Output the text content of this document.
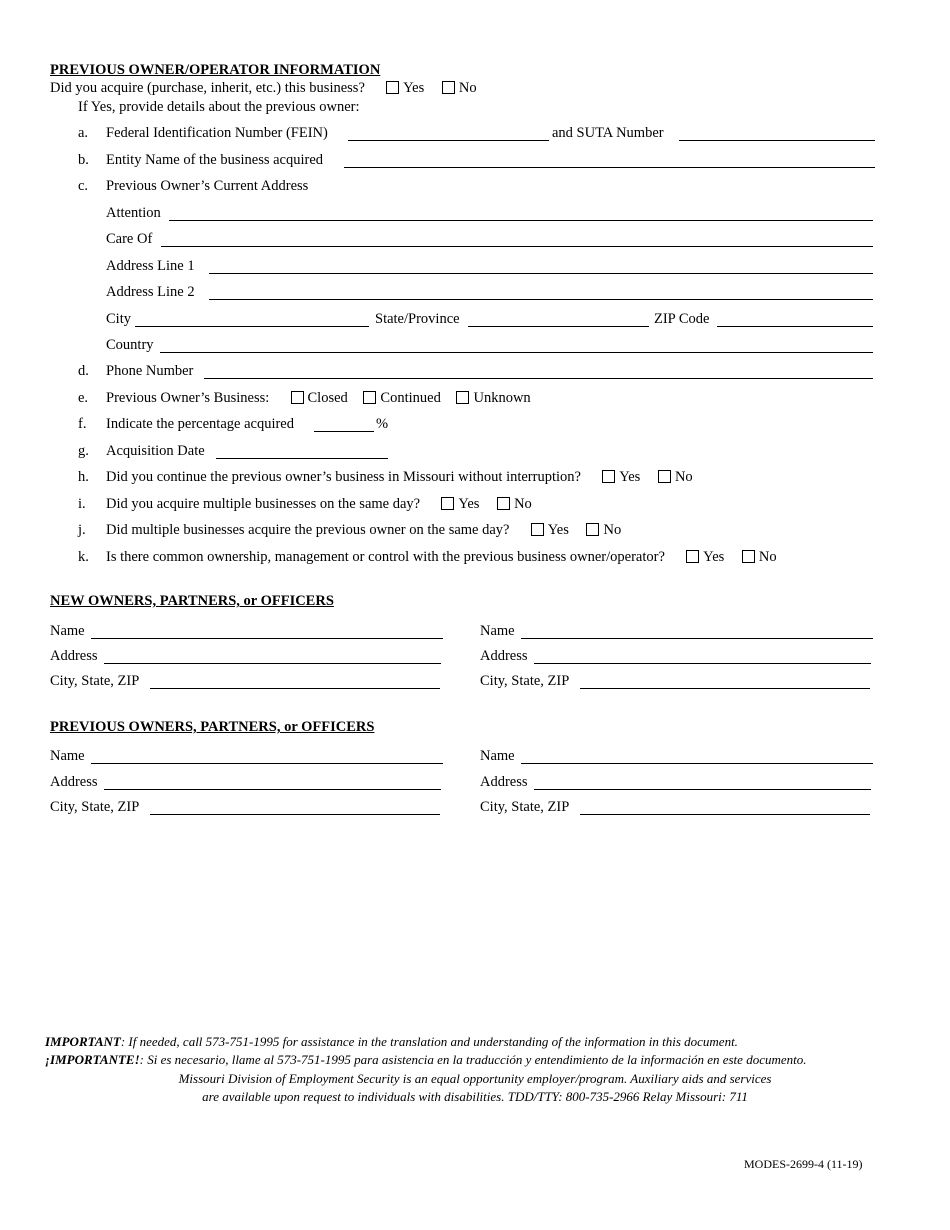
PREVIOUS OWNER/OPERATOR INFORMATION
Did you acquire (purchase, inherit, etc.) this business?	Yes No
If Yes, provide details about the previous owner:
a. Federal Identification Number (FEIN)	and SUTA Number
b. Entity Name of the business acquired
c. Previous Owner’s Current Address
Attention
Care Of
Address Line 1
Address Line 2
City	State/Province	ZIP Code
Country
d. Phone Number
e. Previous Owner’s Business:	Closed Continued Unknown
f. Indicate the percentage acquired	%
g. Acquisition Date
h. Did you continue the previous owner’s business in Missouri without interruption?	Yes No
i. Did you acquire multiple businesses on the same day?	Yes No
j. Did multiple businesses acquire the previous owner on the same day?	Yes No
k. Is there common ownership, management or control with the previous business owner/operator?	Yes No
NEW OWNERS, PARTNERS, or OFFICERS
Name	Name
Address	Address
City, State, ZIP	City, State, ZIP
PREVIOUS OWNERS, PARTNERS, or OFFICERS
Name	Name
Address	Address
City, State, ZIP	City, State, ZIP
IMPORTANT: If needed, call 573-751-1995 for assistance in the translation and understanding of the information in this document.
¡IMPORTANTE!: Si es necesario, llame al 573-751-1995 para asistencia en la traducción y entendimiento de la información en este documento.
Missouri Division of Employment Security is an equal opportunity employer/program. Auxiliary aids and services
are available upon request to individuals with disabilities. TDD/TTY: 800-735-2966 Relay Missouri: 711
MODES-2699-4 (11-19)
